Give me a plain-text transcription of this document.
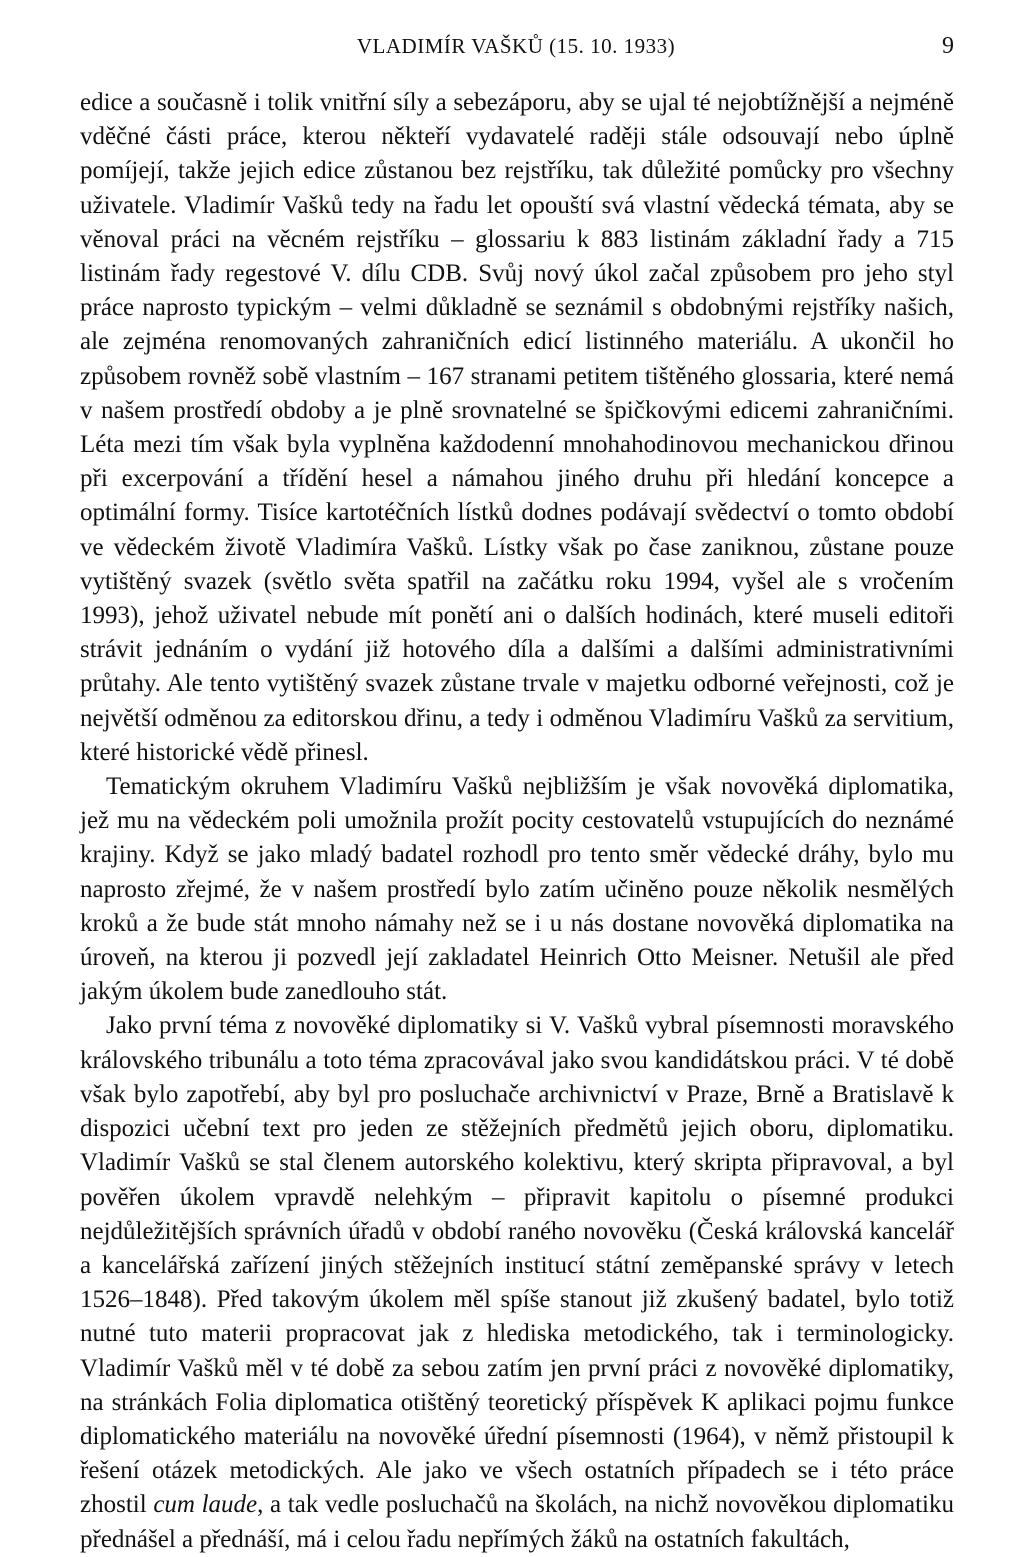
VLADIMÍR VAŠKŮ (15. 10. 1933)	9

edice a současně i tolik vnitřní síly a sebezáporu, aby se ujal té nejobtížnější a nejméně vděčné části práce, kterou někteří vydavatelé raději stále odsouvají nebo úplně pomíjejí, takže jejich edice zůstanou bez rejstříku, tak důležité pomůcky pro všechny uživatele. Vladimír Vašků tedy na řadu let opouští svá vlastní vědecká témata, aby se věnoval práci na věcném rejstříku – glossariu k 883 listinám základní řady a 715 listinám řady regestové V. dílu CDB. Svůj nový úkol začal způsobem pro jeho styl práce naprosto typickým – velmi důkladně se seznámil s obdobnými rejstříky našich, ale zejména renomovaných zahraničních edicí listinného materiálu. A ukončil ho způsobem rovněž sobě vlastním – 167 stranami petitem tištěného glossaria, které nemá v našem prostředí obdoby a je plně srovnatelné se špičkovými edicemi zahraničními. Léta mezi tím však byla vyplněna každodenní mnohahodinovou mechanickou dřinou při excerpování a třídění hesel a námahou jiného druhu při hledání koncepce a optimální formy. Tisíce kartotéčních lístků dodnes podávají svědectví o tomto období ve vědeckém životě Vladimíra Vašků. Lístky však po čase zaniknou, zůstane pouze vytištěný svazek (světlo světa spatřil na začátku roku 1994, vyšel ale s vročením 1993), jehož uživatel nebude mít ponětí ani o dalších hodinách, které museli editoři strávit jednáním o vydání již hotového díla a dalšími a dalšími administrativními průtahy. Ale tento vytištěný svazek zůstane trvale v majetku odborné veřejnosti, což je největší odměnou za editorskou dřinu, a tedy i odměnou Vladimíru Vašků za servitium, které historické vědě přinesl.

Tematickým okruhem Vladimíru Vašků nejbližším je však novověká diplomatika, jež mu na vědeckém poli umožnila prožít pocity cestovatelů vstupujících do neznámé krajiny. Když se jako mladý badatel rozhodl pro tento směr vědecké dráhy, bylo mu naprosto zřejmé, že v našem prostředí bylo zatím učiněno pouze několik nesmělých kroků a že bude stát mnoho námahy než se i u nás dostane novověká diplomatika na úroveň, na kterou ji pozvedl její zakladatel Heinrich Otto Meisner. Netušil ale před jakým úkolem bude zanedlouho stát.

Jako první téma z novověké diplomatiky si V. Vašků vybral písemnosti moravského královského tribunálu a toto téma zpracovával jako svou kandidátskou práci. V té době však bylo zapotřebí, aby byl pro posluchače archivnictví v Praze, Brně a Bratislavě k dispozici učební text pro jeden ze stěžejních předmětů jejich oboru, diplomatiku. Vladimír Vašků se stal členem autorského kolektivu, který skripta připravoval, a byl pověřen úkolem vpravdě nelehkým – připravit kapitolu o písemné produkci nejdůležitějších správních úřadů v období raného novověku (Česká královská kancelář a kancelářská zařízení jiných stěžejních institucí státní zeměpanské správy v letech 1526–1848). Před takovým úkolem měl spíše stanout již zkušený badatel, bylo totiž nutné tuto materii propracovat jak z hlediska metodického, tak i terminologicky. Vladimír Vašků měl v té době za sebou zatím jen první práci z novověké diplomatiky, na stránkách Folia diplomatica otištěný teoretický příspěvek K aplikaci pojmu funkce diplomatického materiálu na novověké úřední písemnosti (1964), v němž přistoupil k řešení otázek metodických. Ale jako ve všech ostatních případech se i této práce zhostil cum laude, a tak vedle posluchačů na školách, na nichž novověkou diplomatiku přednášel a přednáší, má i celou řadu nepřímých žáků na ostatních fakultách,
